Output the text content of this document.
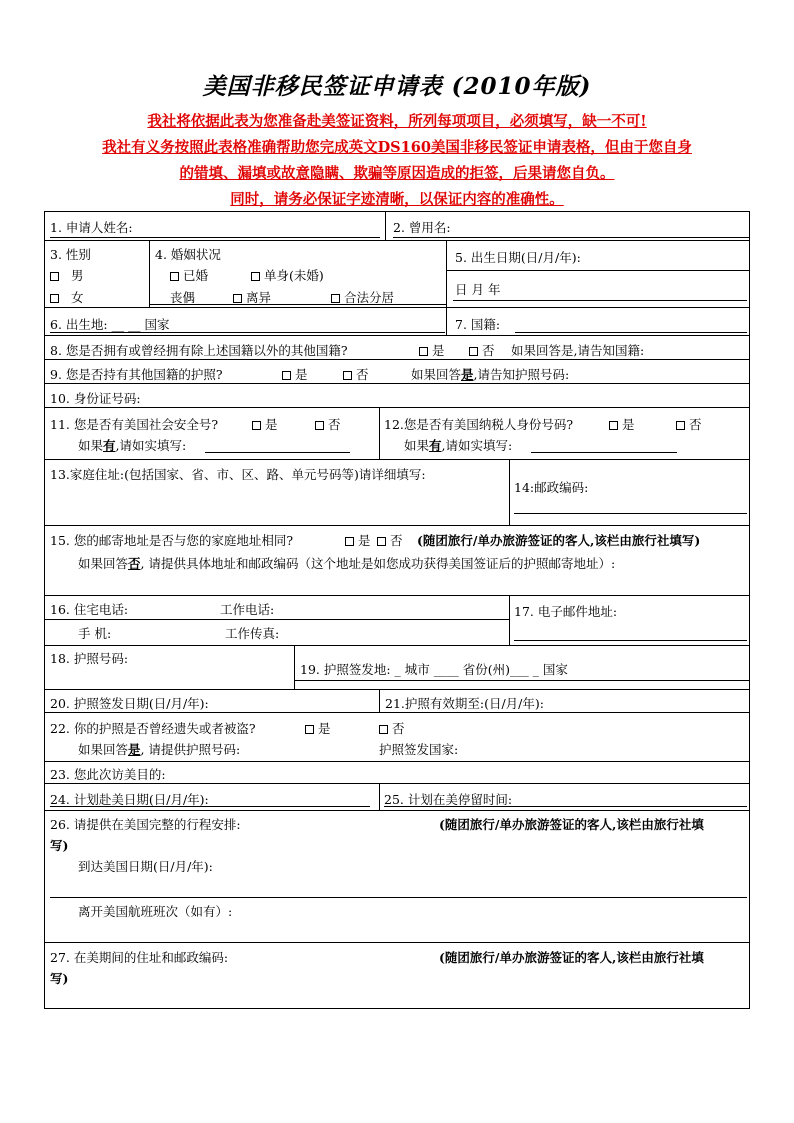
美国非移民签证申请表 (2010年版)
我社将依据此表为您准备赴美签证资料，所列每项项目，必须填写，缺一不可!
我社有义务按照此表格准确帮助您完成英文DS160美国非移民签证申请表格，但由于您自身
的错填、漏填或故意隐瞒、欺骗等原因造成的拒签，后果请您自负。
同时，请务必保证字迹清晰，以保证内容的准确性。
1. 申请人姓名:	2. 曾用名:
3. 性别
男
女
4. 婚姻状况
已婚	单身(未婚)
丧偶	离异	合法分居
5. 出生日期(日/月/年):
日 月 年
6. 出生地: __ __ 国家	7. 国籍:
8. 您是否拥有或曾经拥有除上述国籍以外的其他国籍?	是	否 如果回答是,请告知国籍:
9. 您是否持有其他国籍的护照?	是	否	如果回答是,请告知护照号码:
10. 身份证号码:
11. 您是否有美国社会安全号?	是	否
如果有,请如实填写:
12.您是否有美国纳税人身份号码?	是	否
如果有,请如实填写:
13.家庭住址:(包括国家、省、市、区、路、单元号码等)请详细填写:
14:邮政编码:
15. 您的邮寄地址是否与您的家庭地址相同?	是	否 (随团旅行/单办旅游签证的客人,该栏由旅行社填写)
如果回答否, 请提供具体地址和邮政编码（这个地址是如您成功获得美国签证后的护照邮寄地址）:
16. 住宅电话:	工作电话:
手 机:	工作传真:
17. 电子邮件地址:
18. 护照号码:
19. 护照签发地: _ 城市 ____ 省份(州)___ _ 国家
20. 护照签发日期(日/月/年):	21.护照有效期至:(日/月/年):
22. 你的护照是否曾经遗失或者被盗?	是	否
如果回答是, 请提供护照号码:	护照签发国家:
23. 您此次访美目的:
24. 计划赴美日期(日/月/年):	25. 计划在美停留时间:
26. 请提供在美国完整的行程安排:	(随团旅行/单办旅游签证的客人,该栏由旅行社填
写)
到达美国日期(日/月/年):
离开美国航班班次（如有）:
27. 在美期间的住址和邮政编码:	(随团旅行/单办旅游签证的客人,该栏由旅行社填
写)
